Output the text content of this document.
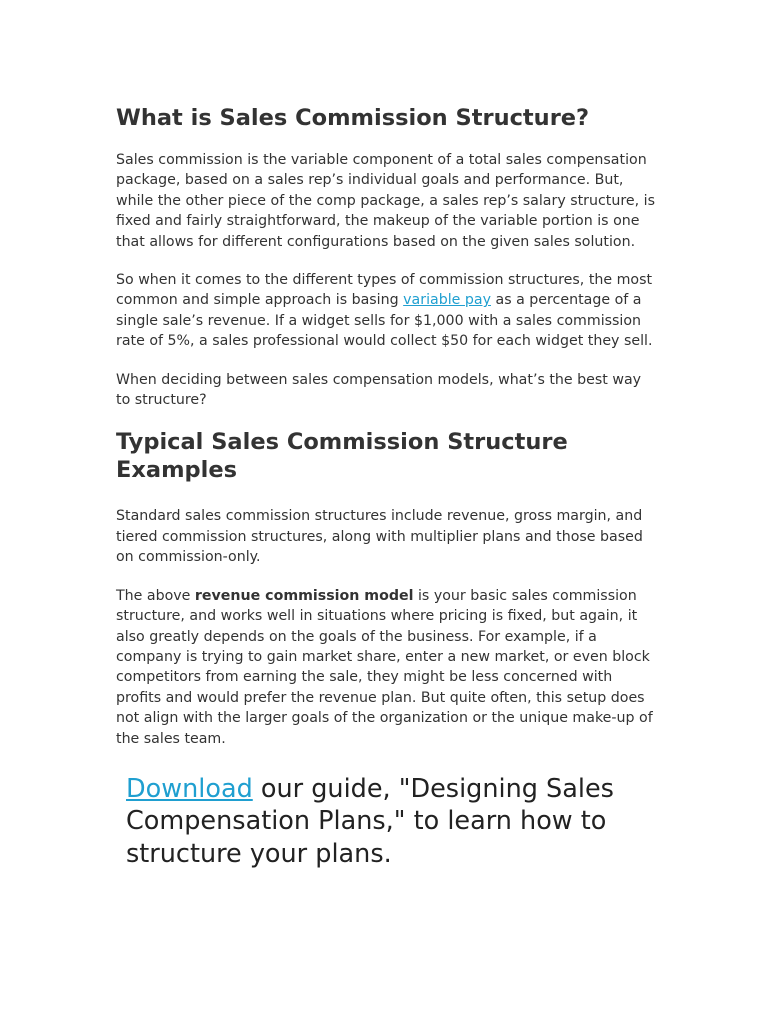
What is Sales Commission Structure?

Sales commission is the variable component of a total sales compensation package, based on a sales rep’s individual goals and performance. But, while the other piece of the comp package, a sales rep’s salary structure, is fixed and fairly straightforward, the makeup of the variable portion is one that allows for different configurations based on the given sales solution.

So when it comes to the different types of commission structures, the most common and simple approach is basing variable pay as a percentage of a single sale’s revenue. If a widget sells for $1,000 with a sales commission rate of 5%, a sales professional would collect $50 for each widget they sell.

When deciding between sales compensation models, what’s the best way to structure?

Typical Sales Commission Structure Examples

Standard sales commission structures include revenue, gross margin, and tiered commission structures, along with multiplier plans and those based on commission-only.

The above revenue commission model is your basic sales commission structure, and works well in situations where pricing is fixed, but again, it also greatly depends on the goals of the business. For example, if a company is trying to gain market share, enter a new market, or even block competitors from earning the sale, they might be less concerned with profits and would prefer the revenue plan. But quite often, this setup does not align with the larger goals of the organization or the unique make-up of the sales team.

Download our guide, "Designing Sales Compensation Plans," to learn how to structure your plans.
